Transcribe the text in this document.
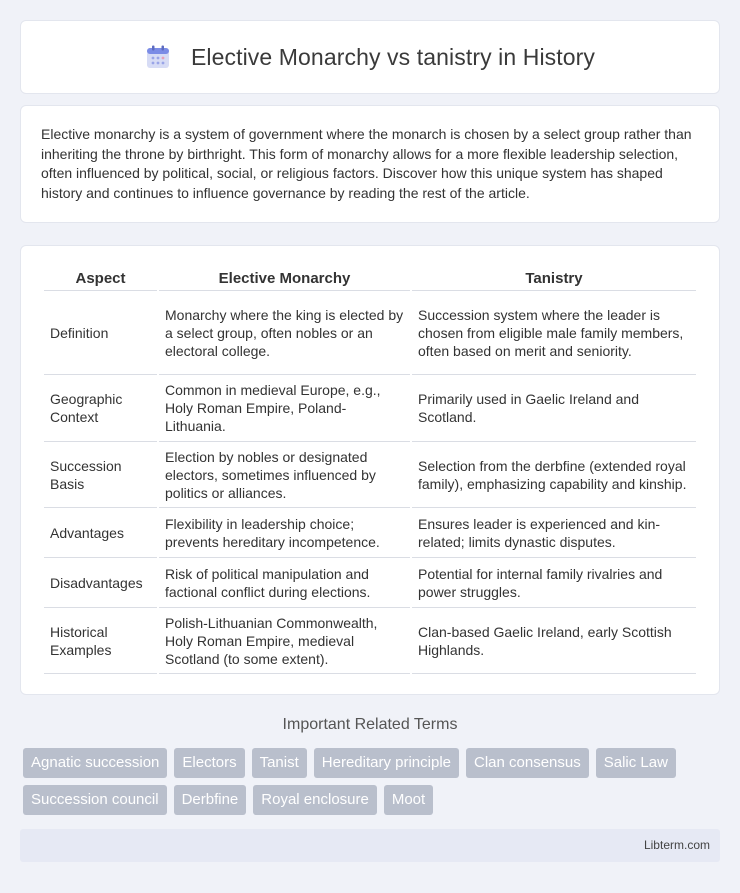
Elective Monarchy vs tanistry in History

Elective monarchy is a system of government where the monarch is chosen by a select group rather than inheriting the throne by birthright. This form of monarchy allows for a more flexible leadership selection, often influenced by political, social, or religious factors. Discover how this unique system has shaped history and continues to influence governance by reading the rest of the article.

Aspect	Elective Monarchy	Tanistry
Definition	Monarchy where the king is elected by a select group, often nobles or an electoral college.	Succession system where the leader is chosen from eligible male family members, often based on merit and seniority.
Geographic Context	Common in medieval Europe, e.g., Holy Roman Empire, Poland-Lithuania.	Primarily used in Gaelic Ireland and Scotland.
Succession Basis	Election by nobles or designated electors, sometimes influenced by politics or alliances.	Selection from the derbfine (extended royal family), emphasizing capability and kinship.
Advantages	Flexibility in leadership choice; prevents hereditary incompetence.	Ensures leader is experienced and kin-related; limits dynastic disputes.
Disadvantages	Risk of political manipulation and factional conflict during elections.	Potential for internal family rivalries and power struggles.
Historical Examples	Polish-Lithuanian Commonwealth, Holy Roman Empire, medieval Scotland (to some extent).	Clan-based Gaelic Ireland, early Scottish Highlands.
Important Related Terms
Agnatic succession	Electors	Tanist	Hereditary principle	Clan consensus	Salic Law
Succession council	Derbfine	Royal enclosure	Moot
Libterm.com
